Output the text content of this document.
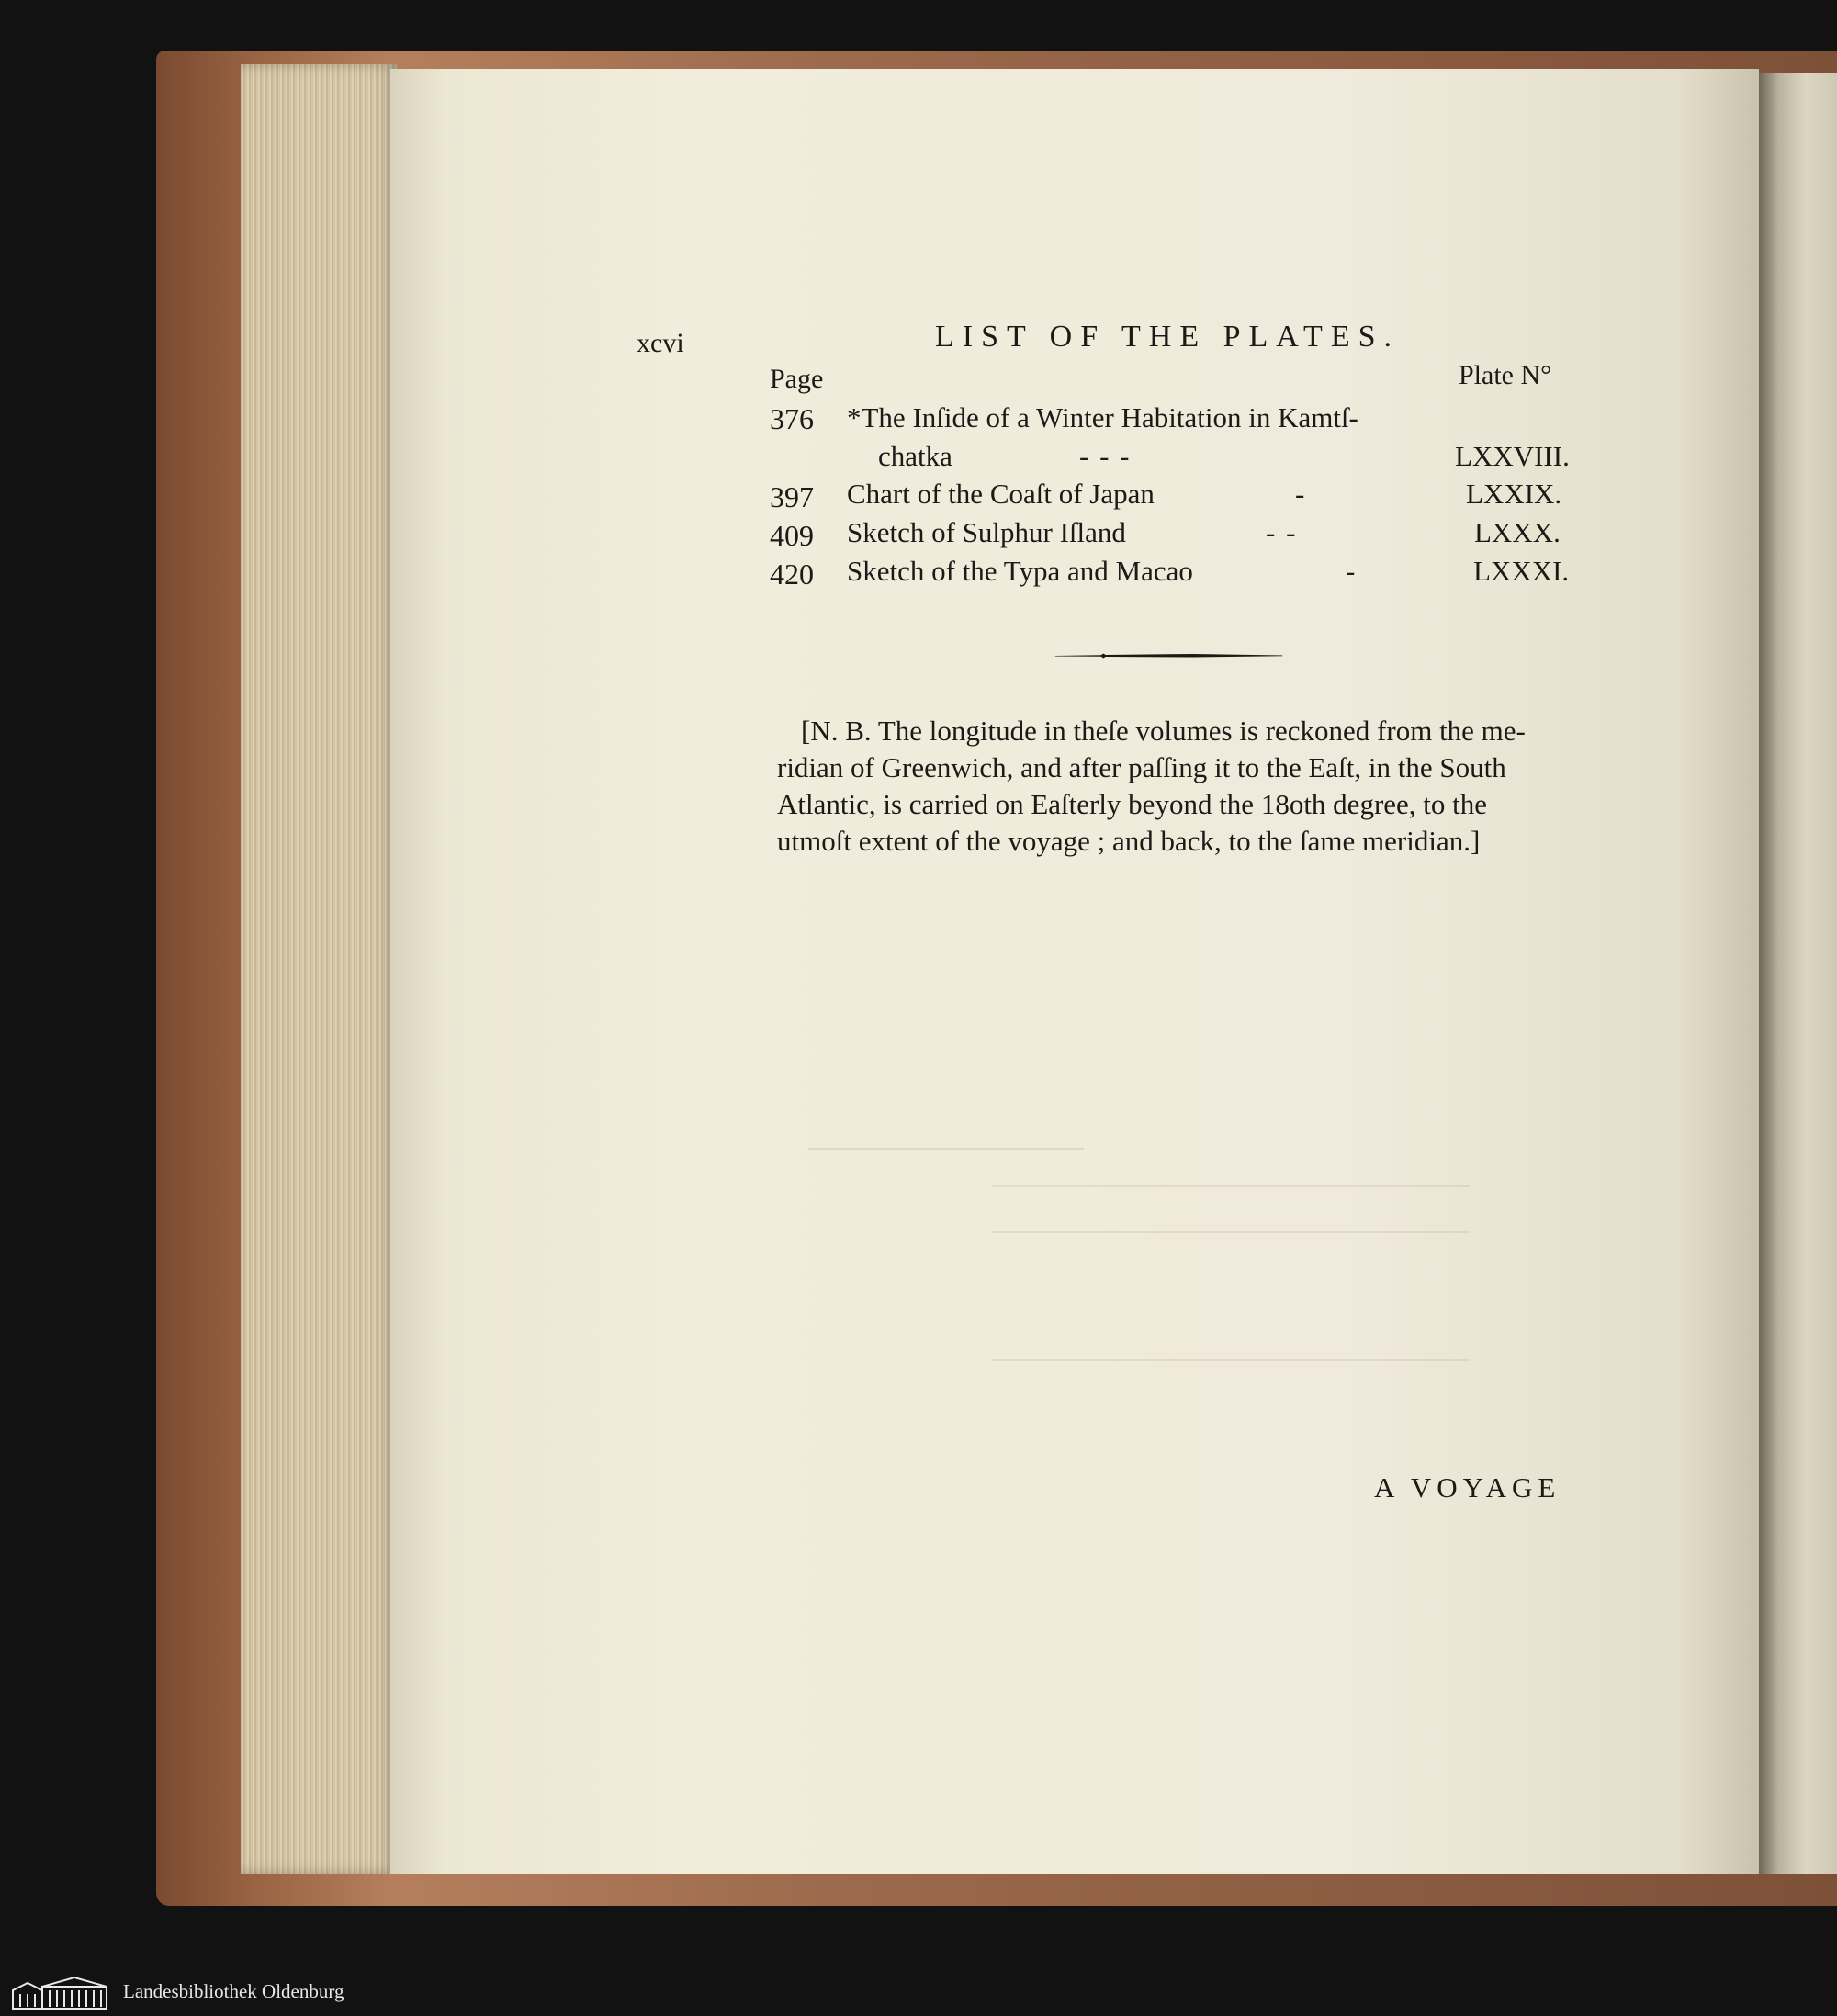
xcvi	LIST OF THE PLATES.
Page	Plate N°
376 *The Inſide of a Winter Habitation in Kamtſ-
chatka	- - -	LXXVIII.
397 Chart of the Coaſt of Japan	-	LXXIX.
409 Sketch of Sulphur Iſland	- -	LXXX.
420 Sketch of the Typa and Macao	-	LXXXI.
[N. B. The longitude in theſe volumes is reckoned from the me-
ridian of Greenwich, and after paſſing it to the Eaſt, in the South
Atlantic, is carried on Eaſterly beyond the 18oth degree, to the
utmoſt extent of the voyage ; and back, to the ſame meridian.]
A VOYAGE
Landesbibliothek Oldenburg
